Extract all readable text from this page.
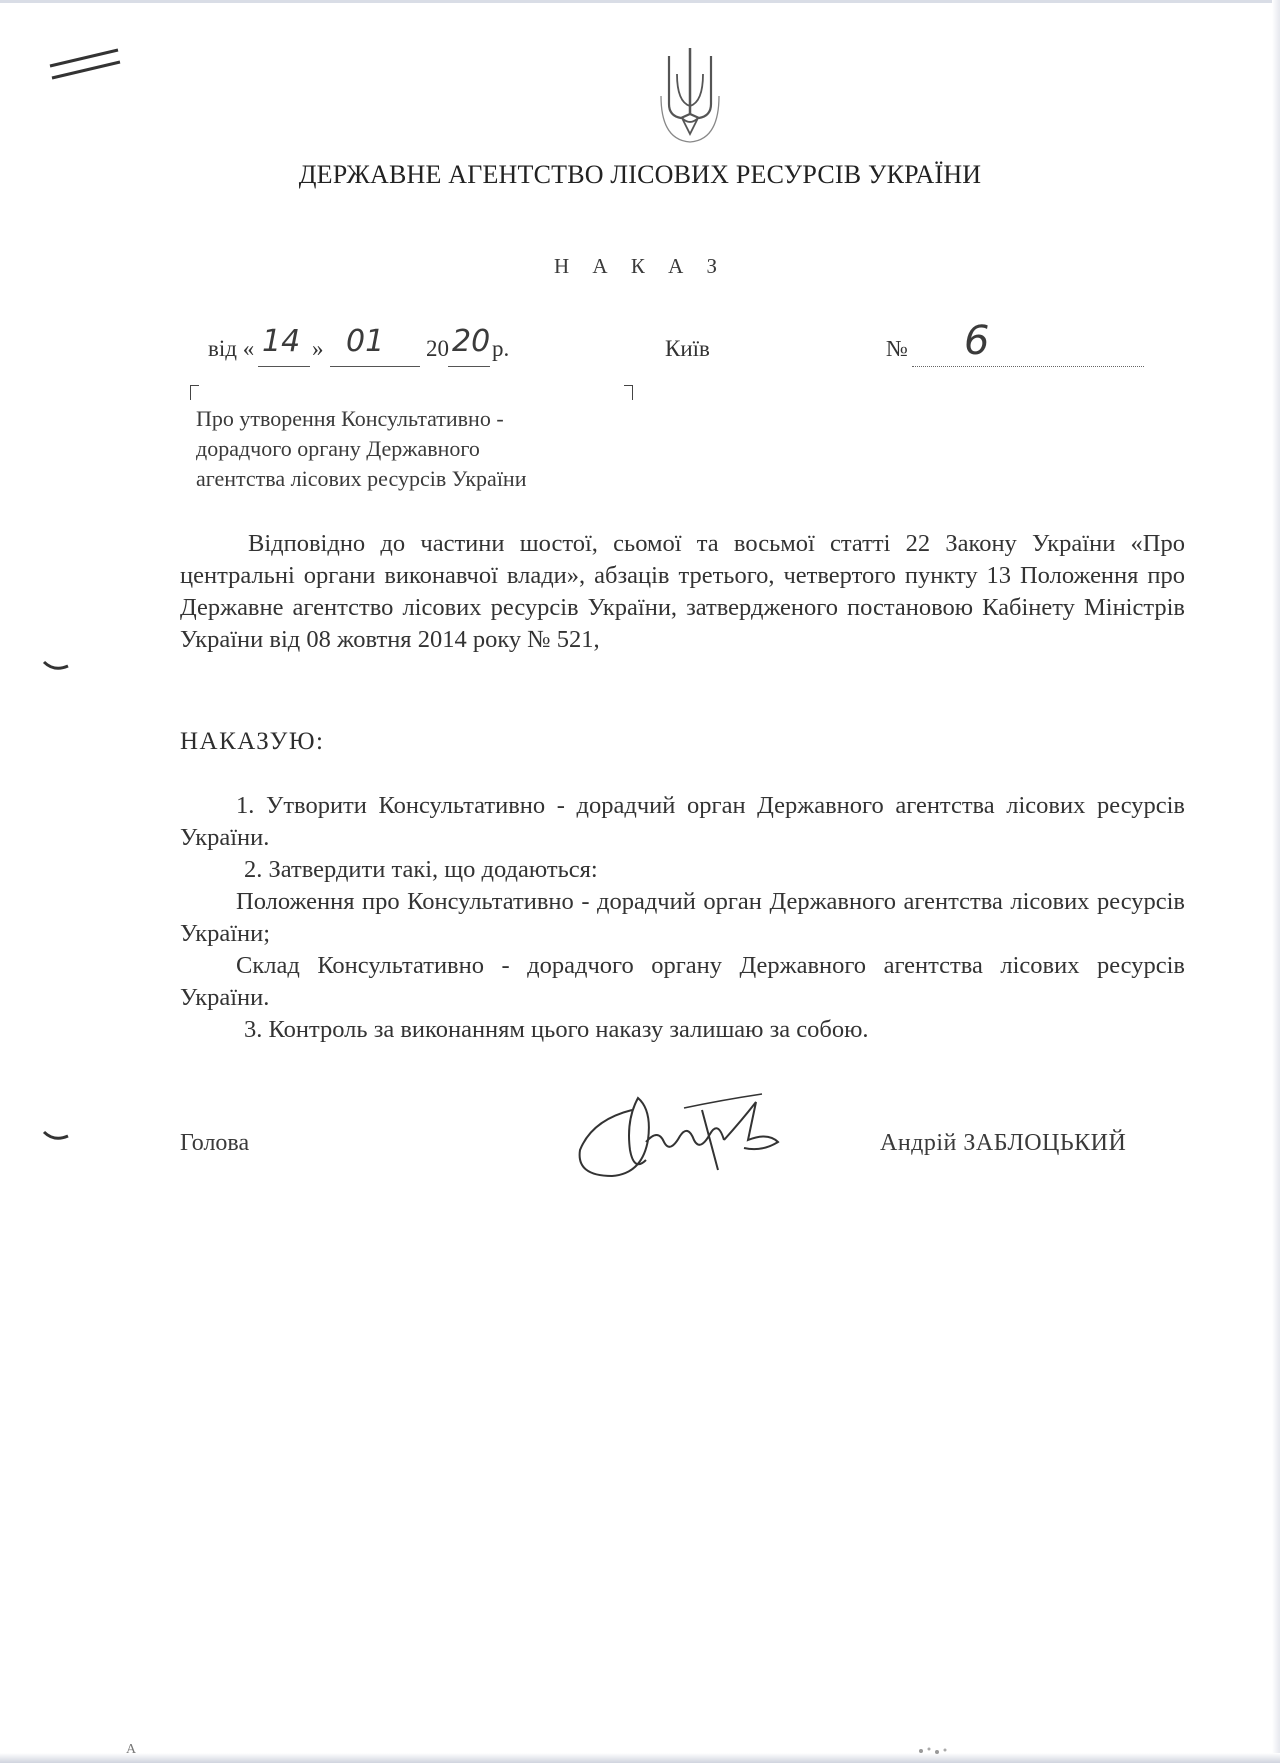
ДЕРЖАВНЕ АГЕНТСТВО ЛІСОВИХ РЕСУРСІВ УКРАЇНИ
Н А К А З
від « 14 » 01 20 20 р.	Київ	№ 6
Про утворення Консультативно -
дорадчого органу Державного
агентства лісових ресурсів України

Відповідно до частини шостої, сьомої та восьмої статті 22 Закону України «Про центральні органи виконавчої влади», абзаців третього, четвертого пункту 13 Положення про Державне агентство лісових ресурсів України, затвердженого постановою Кабінету Міністрів України від 08 жовтня 2014 року № 521,

НАКАЗУЮ:

1. Утворити Консультативно - дорадчий орган Державного агентства лісових ресурсів України.

2. Затвердити такі, що додаються:

Положення про Консультативно - дорадчий орган Державного агентства лісових ресурсів України;

Склад Консультативно - дорадчого органу Державного агентства лісових ресурсів України.

3. Контроль за виконанням цього наказу залишаю за собою.

Голова	Андрій ЗАБЛОЦЬКИЙ
А
